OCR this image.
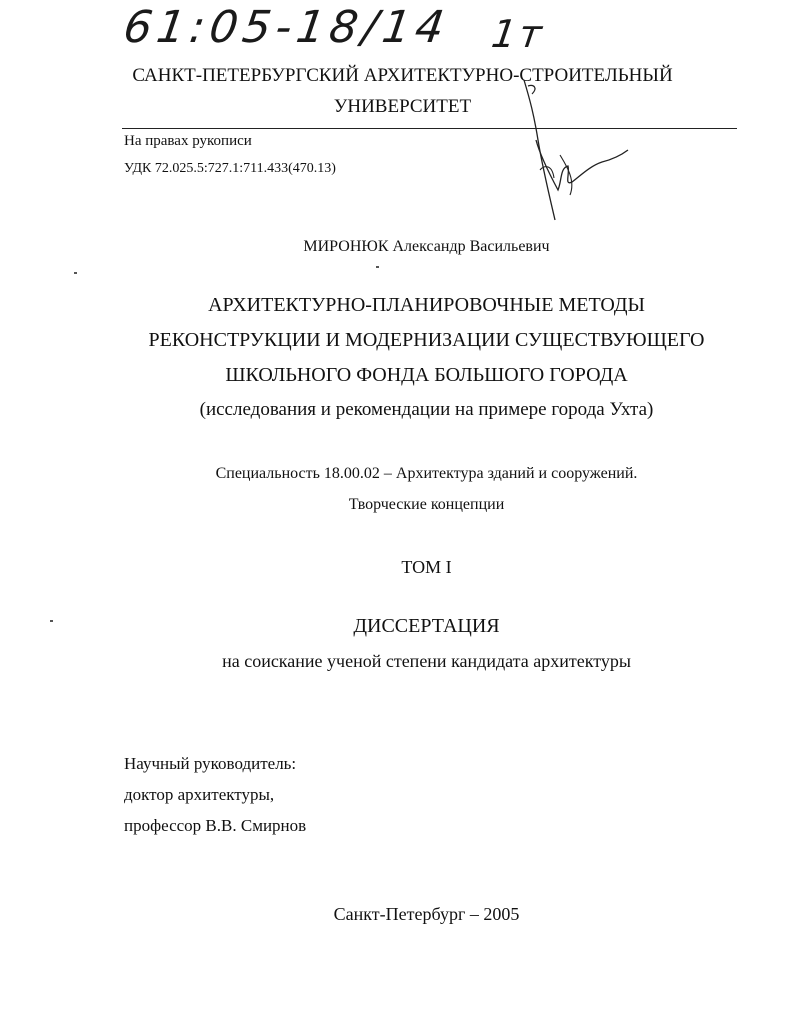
61:05-18/14 1т
САНКТ-ПЕТЕРБУРГСКИЙ АРХИТЕКТУРНО-СТРОИТЕЛЬНЫЙ
УНИВЕРСИТЕТ
На правах рукописи
УДК 72.025.5:727.1:711.433(470.13)
МИРОНЮК Александр Васильевич
АРХИТЕКТУРНО-ПЛАНИРОВОЧНЫЕ МЕТОДЫ
РЕКОНСТРУКЦИИ И МОДЕРНИЗАЦИИ СУЩЕСТВУЮЩЕГО
ШКОЛЬНОГО ФОНДА БОЛЬШОГО ГОРОДА
(исследования и рекомендации на примере города Ухта)
Специальность 18.00.02 – Архитектура зданий и сооружений.
Творческие концепции
ТОМ I
ДИССЕРТАЦИЯ
на соискание ученой степени кандидата архитектуры
Научный руководитель:
доктор архитектуры,
профессор В.В. Смирнов
Санкт-Петербург – 2005
